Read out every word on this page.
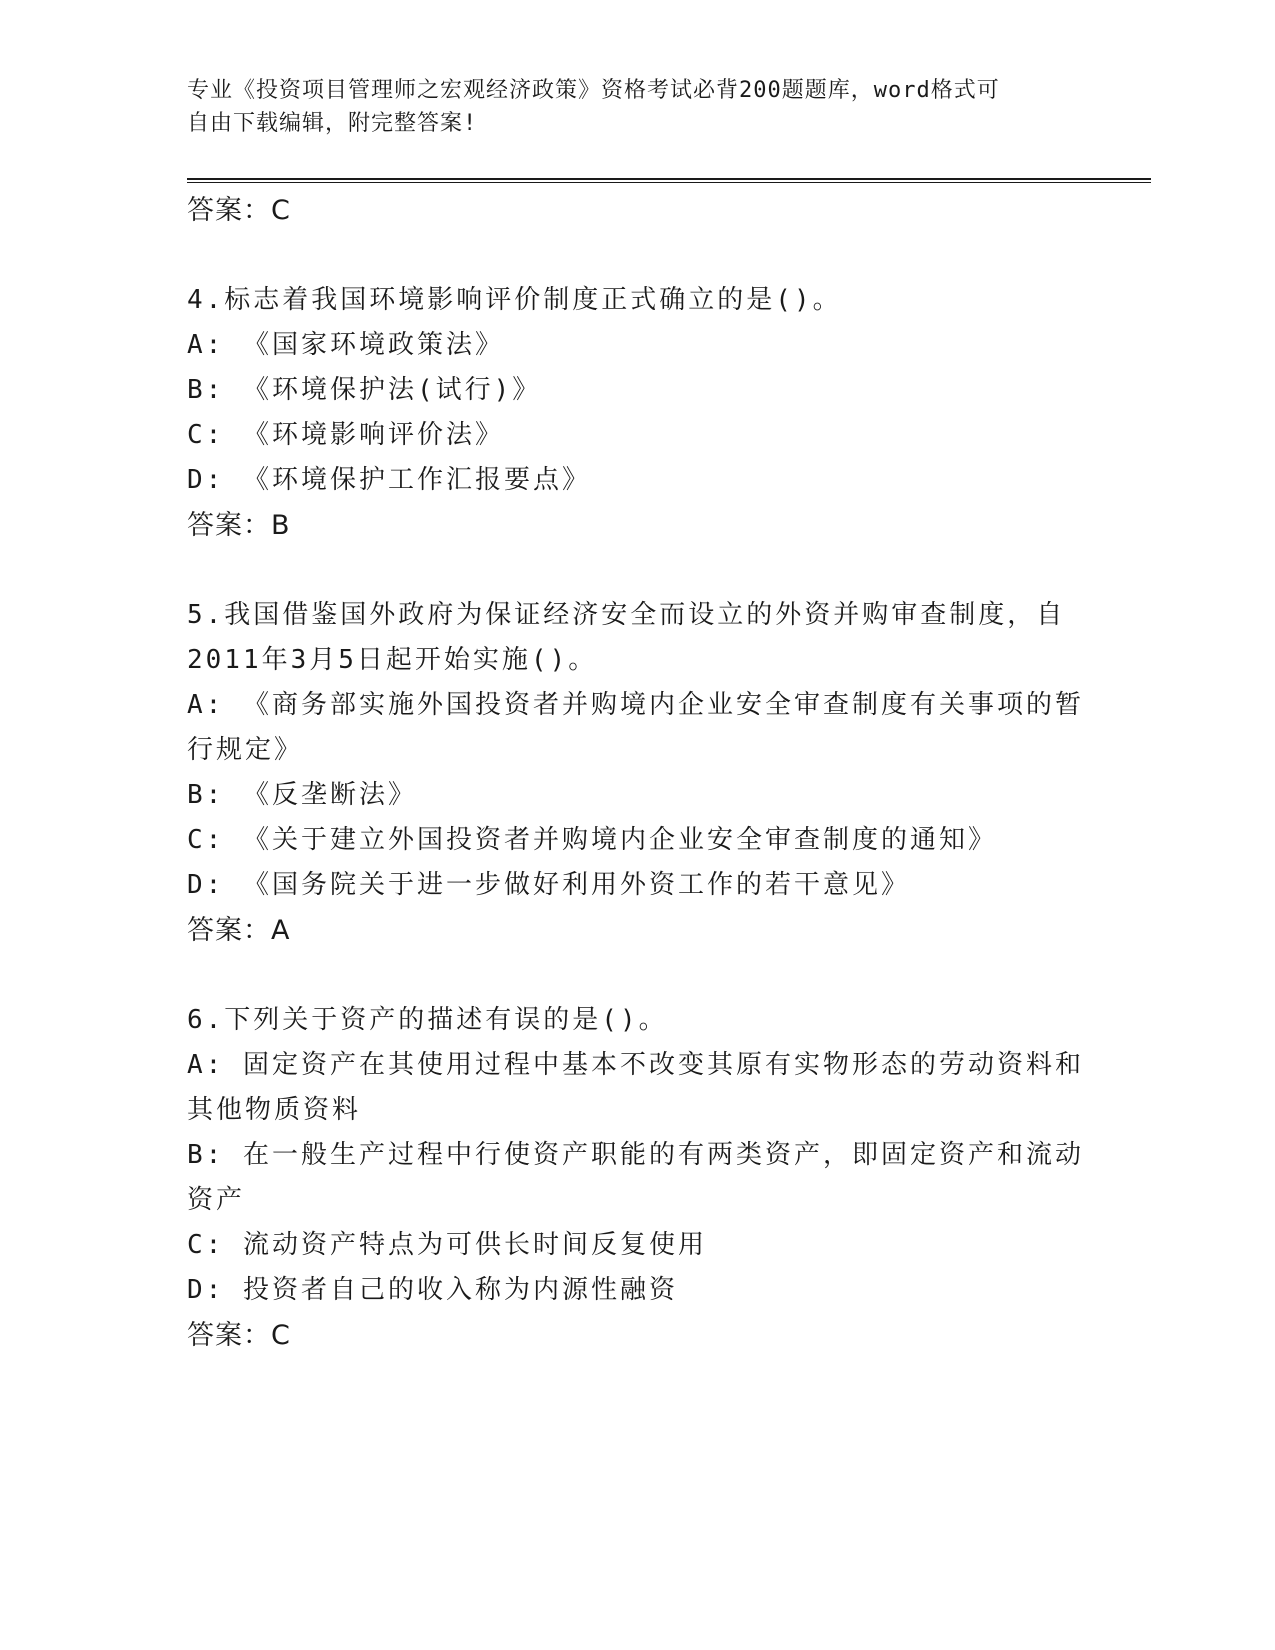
专业《投资项目管理师之宏观经济政策》资格考试必背200题题库，word格式可
自由下载编辑，附完整答案!
答案：C
4.标志着我国环境影响评价制度正式确立的是()。
A: 《国家环境政策法》
B: 《环境保护法(试行)》
C: 《环境影响评价法》
D: 《环境保护工作汇报要点》
答案：B
5.我国借鉴国外政府为保证经济安全而设立的外资并购审查制度，自
2011年3月5日起开始实施()。
A: 《商务部实施外国投资者并购境内企业安全审查制度有关事项的暂
行规定》
B: 《反垄断法》
C: 《关于建立外国投资者并购境内企业安全审查制度的通知》
D: 《国务院关于进一步做好利用外资工作的若干意见》
答案：A
6.下列关于资产的描述有误的是()。
A: 固定资产在其使用过程中基本不改变其原有实物形态的劳动资料和
其他物质资料
B: 在一般生产过程中行使资产职能的有两类资产，即固定资产和流动
资产
C: 流动资产特点为可供长时间反复使用
D: 投资者自己的收入称为内源性融资
答案：C
